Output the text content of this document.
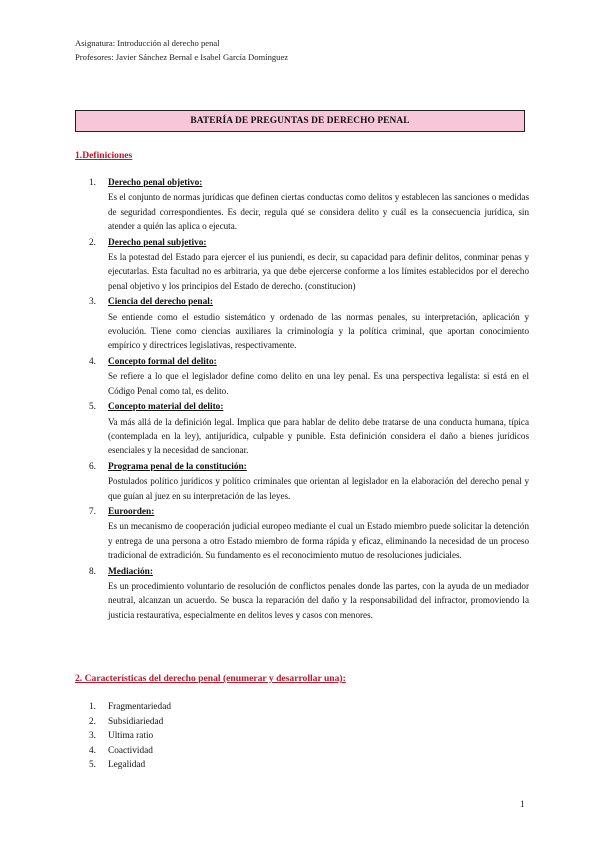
Asignatura: Introducción al derecho penal
Profesores: Javier Sánchez Bernal e Isabel García Domínguez
BATERÍA DE PREGUNTAS DE DERECHO PENAL
1.Definiciones
1. Derecho penal objetivo:
Es el conjunto de normas jurídicas que definen ciertas conductas como delitos y establecen las sanciones o medidas de seguridad correspondientes. Es decir, regula qué se considera delito y cuál es la consecuencia jurídica, sin atender a quién las aplica o ejecuta.
2. Derecho penal subjetivo:
Es la potestad del Estado para ejercer el ius puniendi, es decir, su capacidad para definir delitos, conminar penas y ejecutarlas. Esta facultad no es arbitraria, ya que debe ejercerse conforme a los límites establecidos por el derecho penal objetivo y los principios del Estado de derecho. (constitucion)
3. Ciencia del derecho penal:
Se entiende como el estudio sistemático y ordenado de las normas penales, su interpretación, aplicación y evolución. Tiene como ciencias auxiliares la criminología y la política criminal, que aportan conocimiento empírico y directrices legislativas, respectivamente.
4. Concepto formal del delito:
Se refiere a lo que el legislador define como delito en una ley penal. Es una perspectiva legalista: si está en el Código Penal como tal, es delito.
5. Concepto material del delito:
Va más allá de la definición legal. Implica que para hablar de delito debe tratarse de una conducta humana, típica (contemplada en la ley), antijurídica, culpable y punible. Esta definición considera el daño a bienes jurídicos esenciales y la necesidad de sancionar.
6. Programa penal de la constitución:
Postulados político jurídicos y político criminales que orientan al legislador en la elaboración del derecho penal y que guían al juez en su interpretación de las leyes.
7. Euroorden:
Es un mecanismo de cooperación judicial europeo mediante el cual un Estado miembro puede solicitar la detención y entrega de una persona a otro Estado miembro de forma rápida y eficaz, eliminando la necesidad de un proceso tradicional de extradición. Su fundamento es el reconocimiento mutuo de resoluciones judiciales.
8. Mediación:
Es un procedimiento voluntario de resolución de conflictos penales donde las partes, con la ayuda de un mediador neutral, alcanzan un acuerdo. Se busca la reparación del daño y la responsabilidad del infractor, promoviendo la justicia restaurativa, especialmente en delitos leves y casos con menores.
2. Características del derecho penal (enumerar y desarrollar una):
1. Fragmentariedad
2. Subsidiariedad
3. Ultima ratio
4. Coactividad
5. Legalidad
1
